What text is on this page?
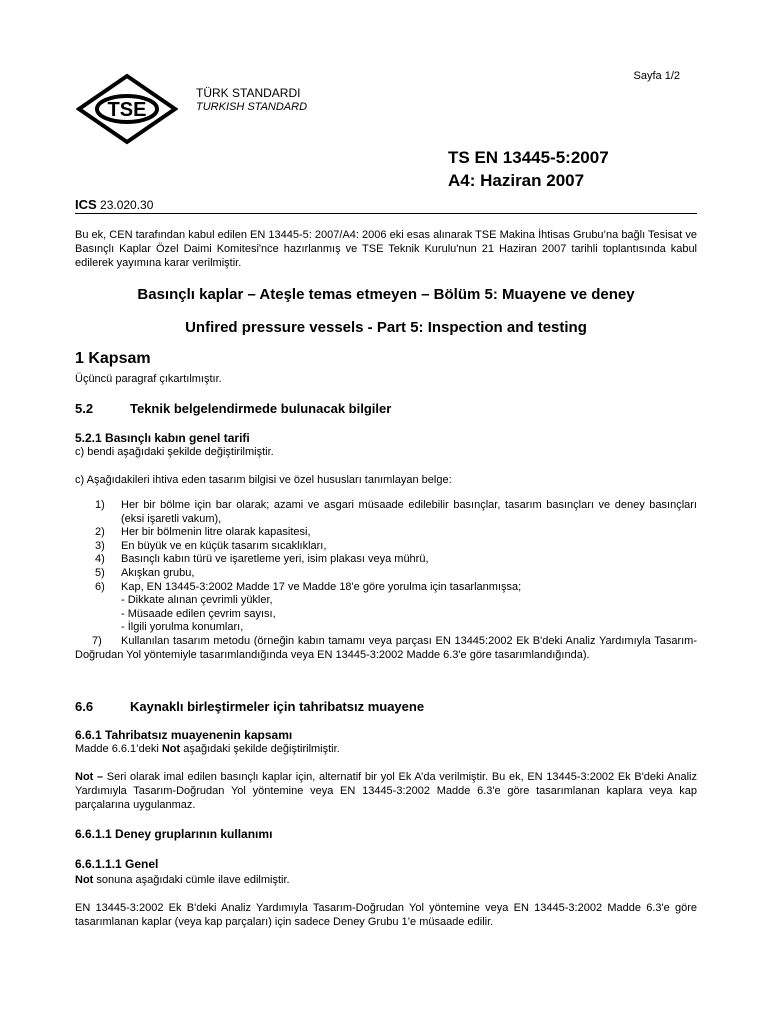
Sayfa 1/2
TSE
TÜRK STANDARDI
TURKISH STANDARD
TS EN 13445-5:2007
A4: Haziran 2007
ICS 23.020.30
Bu ek, CEN tarafından kabul edilen EN 13445-5: 2007/A4: 2006 eki esas alınarak TSE Makina İhtisas Grubu’na bağlı Tesisat ve Basınçlı Kaplar Özel Daimi Komitesi'nce hazırlanmış ve TSE Teknik Kurulu'nun 21 Haziran 2007 tarihli toplantısında kabul edilerek yayımına karar verilmiştir.
Basınçlı kaplar – Ateşle temas etmeyen – Bölüm 5: Muayene ve deney
Unfired pressure vessels - Part 5: Inspection and testing
1 Kapsam
Üçüncü paragraf çıkartılmıştır.
5.2	Teknik belgelendirmede bulunacak bilgiler
5.2.1 Basınçlı kabın genel tarifi
c) bendi aşağıdaki şekilde değiştirilmiştir.
c) Aşağıdakileri ihtiva eden tasarım bilgisi ve özel hususları tanımlayan belge:
1) Her bir bölme için bar olarak; azami ve asgari müsaade edilebilir basınçlar, tasarım basınçları ve deney basınçları (eksi işaretli vakum),
2) Her bir bölmenin litre olarak kapasitesi,
3) En büyük ve en küçük tasarım sıcaklıkları,
4) Basınçlı kabın türü ve işaretleme yeri, isim plakası veya mührü,
5) Akışkan grubu,
6) Kap, EN 13445-3:2002 Madde 17 ve Madde 18'e göre yorulma için tasarlanmışsa;
- Dikkate alınan çevrimli yükler,
- Müsaade edilen çevrim sayısı,
- İlgili yorulma konumları,
7) Kullanılan tasarım metodu (örneğin kabın tamamı veya parçası EN 13445:2002 Ek B'deki Analiz Yardımıyla Tasarım-Doğrudan Yol yöntemiyle tasarımlandığında veya EN 13445-3:2002 Madde 6.3'e göre tasarımlandığında).
6.6	Kaynaklı birleştirmeler için tahribatsız muayene
6.6.1 Tahribatsız muayenenin kapsamı
Madde 6.6.1’deki Not aşağıdaki şekilde değiştirilmiştir.
Not – Seri olarak imal edilen basınçlı kaplar için, alternatif bir yol Ek A’da verilmiştir. Bu ek, EN 13445-3:2002 Ek B'deki Analiz Yardımıyla Tasarım-Doğrudan Yol yöntemine veya EN 13445-3:2002 Madde 6.3'e göre tasarımlanan kaplara veya kap parçalarına uygulanmaz.
6.6.1.1 Deney gruplarının kullanımı
6.6.1.1.1 Genel
Not sonuna aşağıdaki cümle ilave edilmiştir.
EN 13445-3:2002 Ek B'deki Analiz Yardımıyla Tasarım-Doğrudan Yol yöntemine veya EN 13445-3:2002 Madde 6.3'e göre tasarımlanan kaplar (veya kap parçaları) için sadece Deney Grubu 1’e müsaade edilir.
